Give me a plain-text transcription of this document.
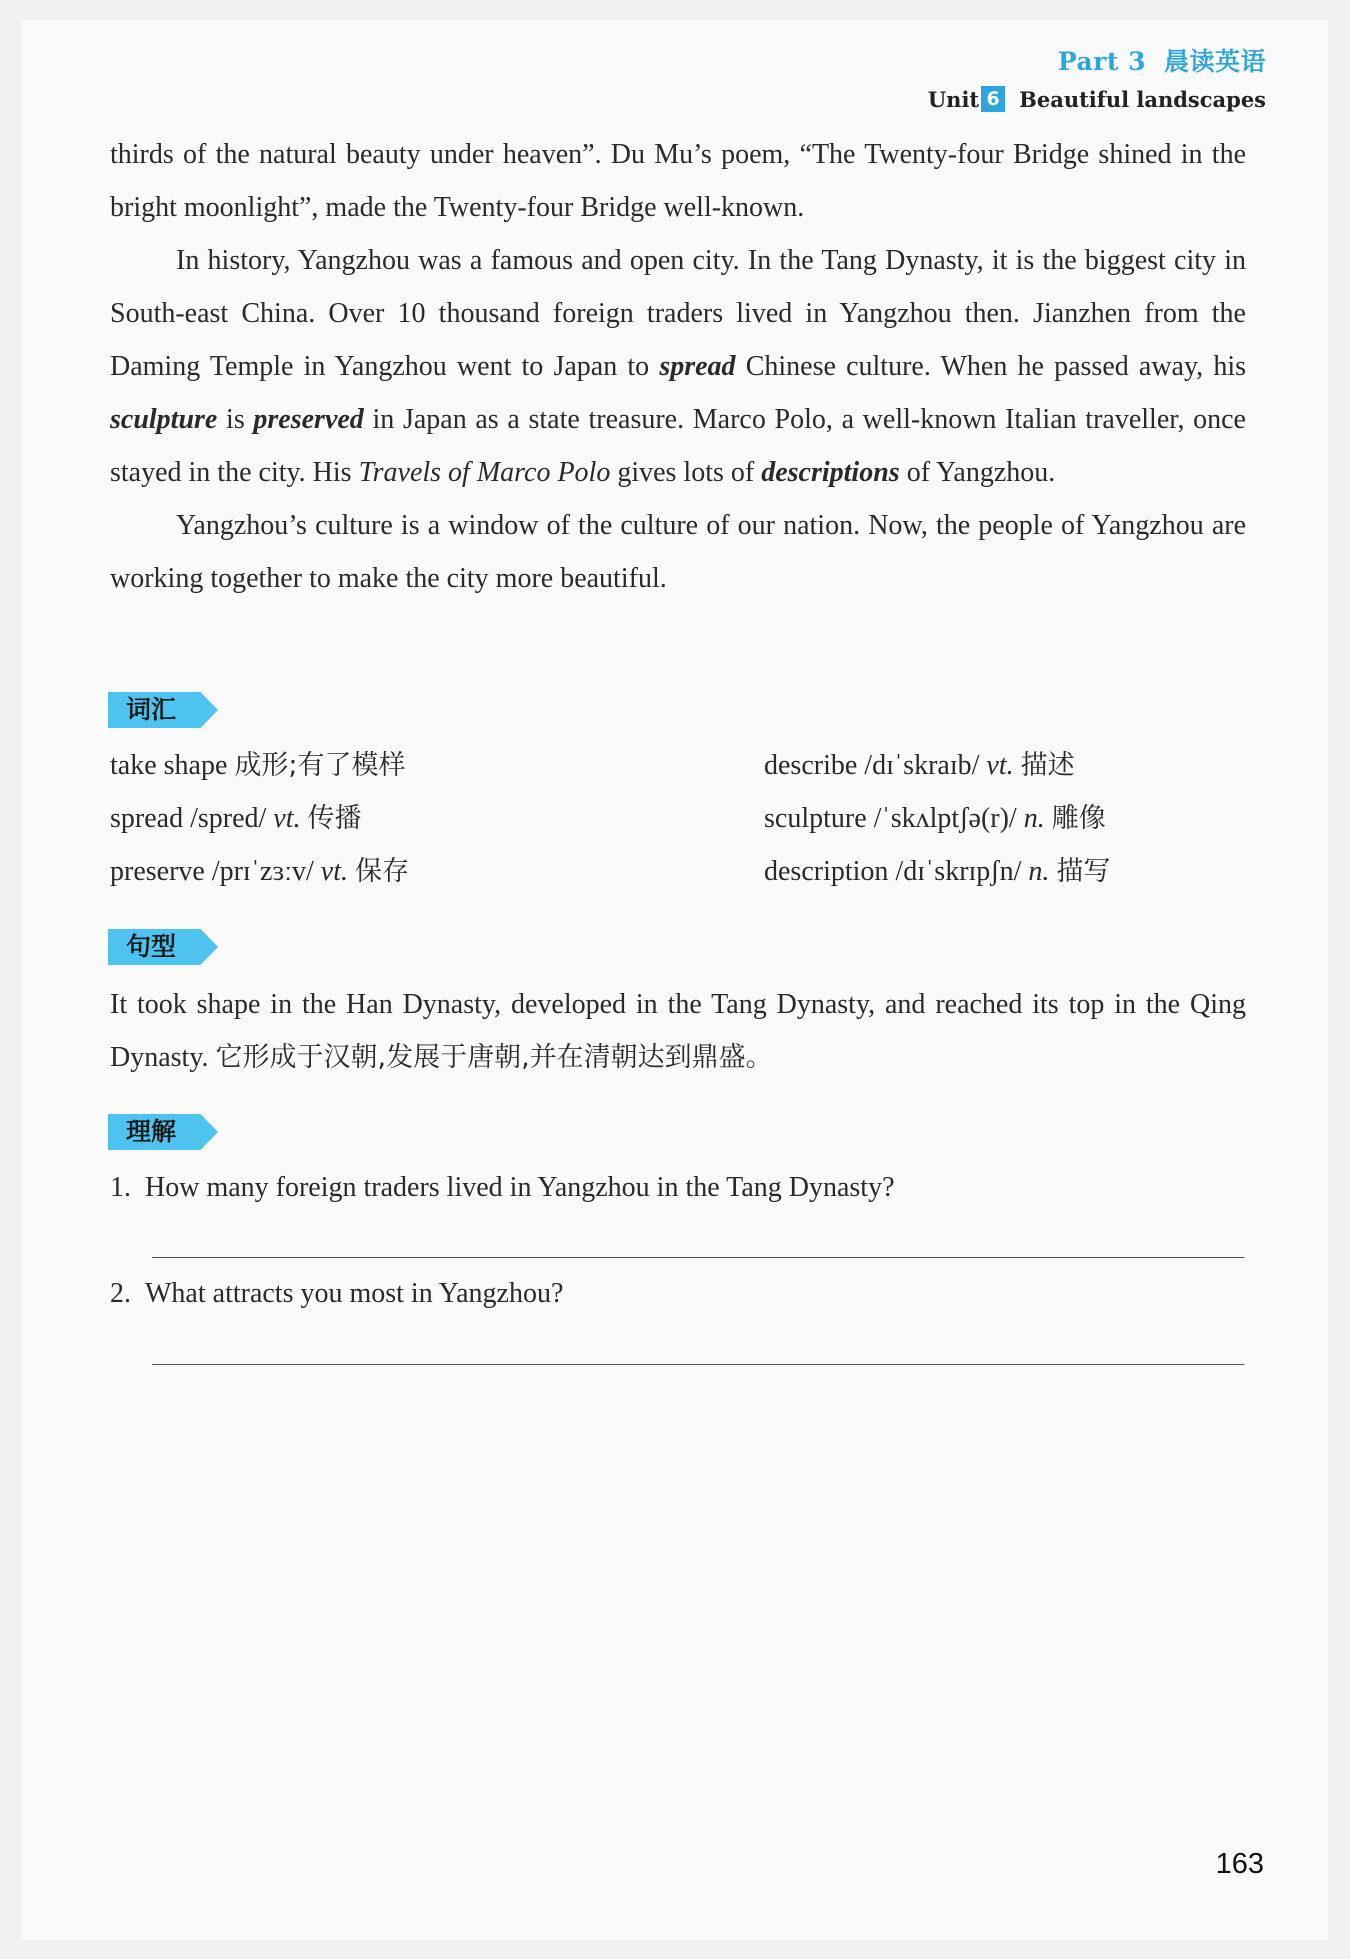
Part 3 晨读英语
Unit 6 Beautiful landscapes

thirds of the natural beauty under heaven”. Du Mu’s poem, “The Twenty-four Bridge shined in the bright moonlight”, made the Twenty-four Bridge well-known.

In history, Yangzhou was a famous and open city. In the Tang Dynasty, it is the biggest city in South-east China. Over 10 thousand foreign traders lived in Yangzhou then. Jianzhen from the Daming Temple in Yangzhou went to Japan to spread Chinese culture. When he passed away, his sculpture is preserved in Japan as a state treasure. Marco Polo, a well-known Italian traveller, once stayed in the city. His Travels of Marco Polo gives lots of descriptions of Yangzhou.

Yangzhou’s culture is a window of the culture of our nation. Now, the people of Yangzhou are working together to make the city more beautiful.

词汇
take shape 成形;有了模样	describe /dɪˈskraɪb/ vt. 描述
spread /spred/ vt. 传播	sculpture /ˈskʌlptʃə(r)/ n. 雕像
preserve /prɪˈzɜːv/ vt. 保存	description /dɪˈskrɪpʃn/ n. 描写
句型

It took shape in the Han Dynasty, developed in the Tang Dynasty, and reached its top in the Qing Dynasty. 它形成于汉朝,发展于唐朝,并在清朝达到鼎盛。

理解
1. How many foreign traders lived in Yangzhou in the Tang Dynasty?
2. What attracts you most in Yangzhou?
163
